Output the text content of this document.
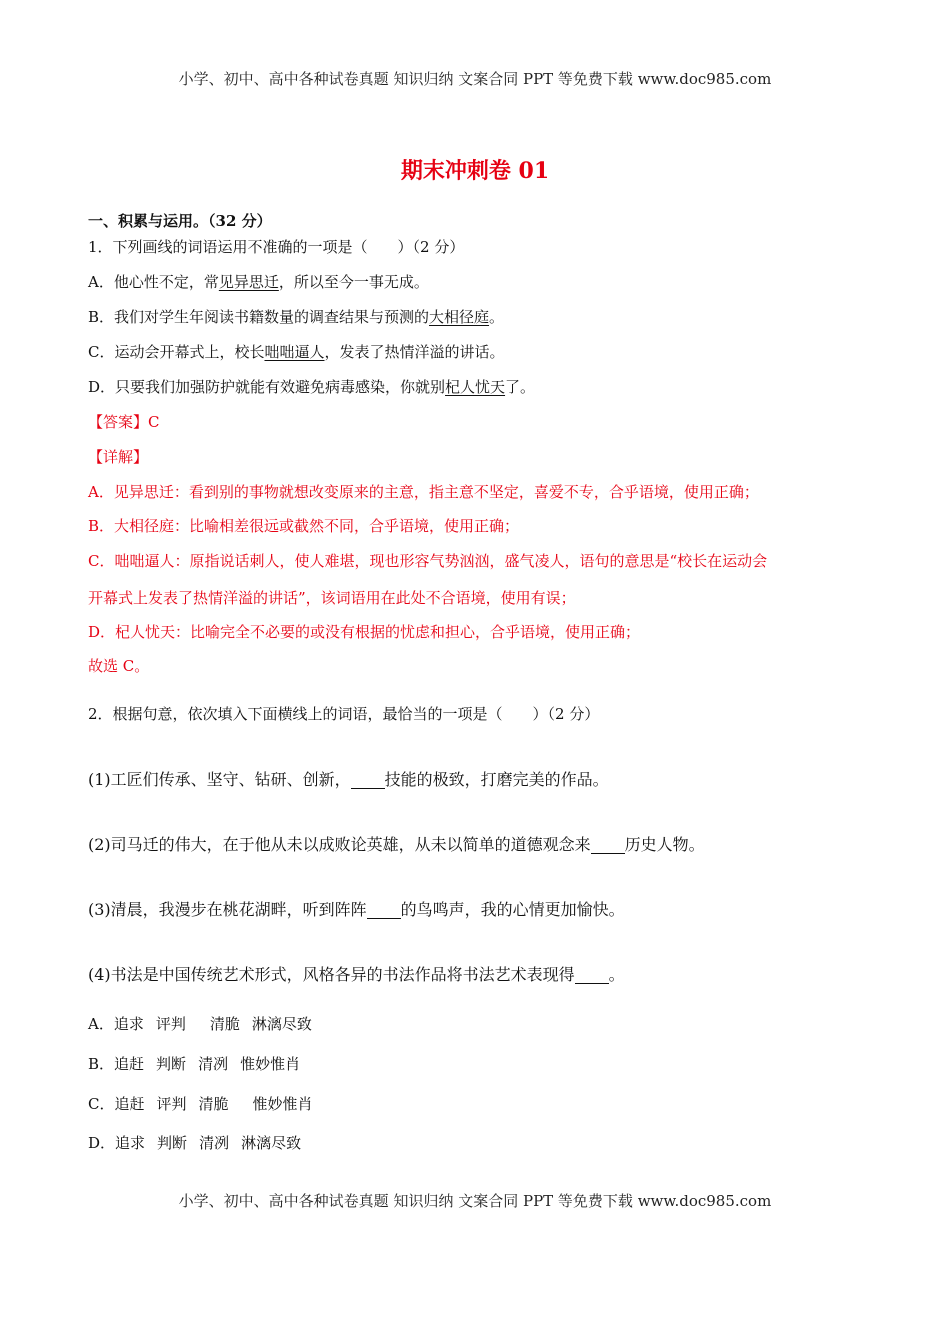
小学、初中、高中各种试卷真题 知识归纳 文案合同 PPT 等免费下载 www.doc985.com
期末冲刺卷 01
一、积累与运用。（32 分）
1．下列画线的词语运用不准确的一项是（　　）（2 分）
A．他心性不定，常见异思迁，所以至今一事无成。
B．我们对学生年阅读书籍数量的调查结果与预测的大相径庭。
C．运动会开幕式上，校长咄咄逼人，发表了热情洋溢的讲话。
D．只要我们加强防护就能有效避免病毒感染，你就别杞人忧天了。
【答案】C
【详解】
A．见异思迁：看到别的事物就想改变原来的主意，指主意不坚定，喜爱不专，合乎语境，使用正确；
B．大相径庭：比喻相差很远或截然不同，合乎语境，使用正确；
C．咄咄逼人：原指说话刺人，使人难堪，现也形容气势汹汹，盛气凌人，语句的意思是“校长在运动会
开幕式上发表了热情洋溢的讲话”，该词语用在此处不合语境，使用有误；
D．杞人忧天：比喻完全不必要的或没有根据的忧虑和担心，合乎语境，使用正确；
故选 C。
2．根据句意，依次填入下面横线上的词语，最恰当的一项是（　　）（2 分）
(1)工匠们传承、坚守、钻研、创新， 技能的极致，打磨完美的作品。
(2)司马迁的伟大，在于他从未以成败论英雄，从未以简单的道德观念来 历史人物。
(3)清晨，我漫步在桃花湖畔，听到阵阵 的鸟鸣声，我的心情更加愉快。
(4)书法是中国传统艺术形式，风格各异的书法作品将书法艺术表现得 。
A．追求 评判 清脆 淋漓尽致
B．追赶 判断 清冽 惟妙惟肖
C．追赶 评判 清脆 惟妙惟肖
D．追求 判断 清冽 淋漓尽致
小学、初中、高中各种试卷真题 知识归纳 文案合同 PPT 等免费下载 www.doc985.com
